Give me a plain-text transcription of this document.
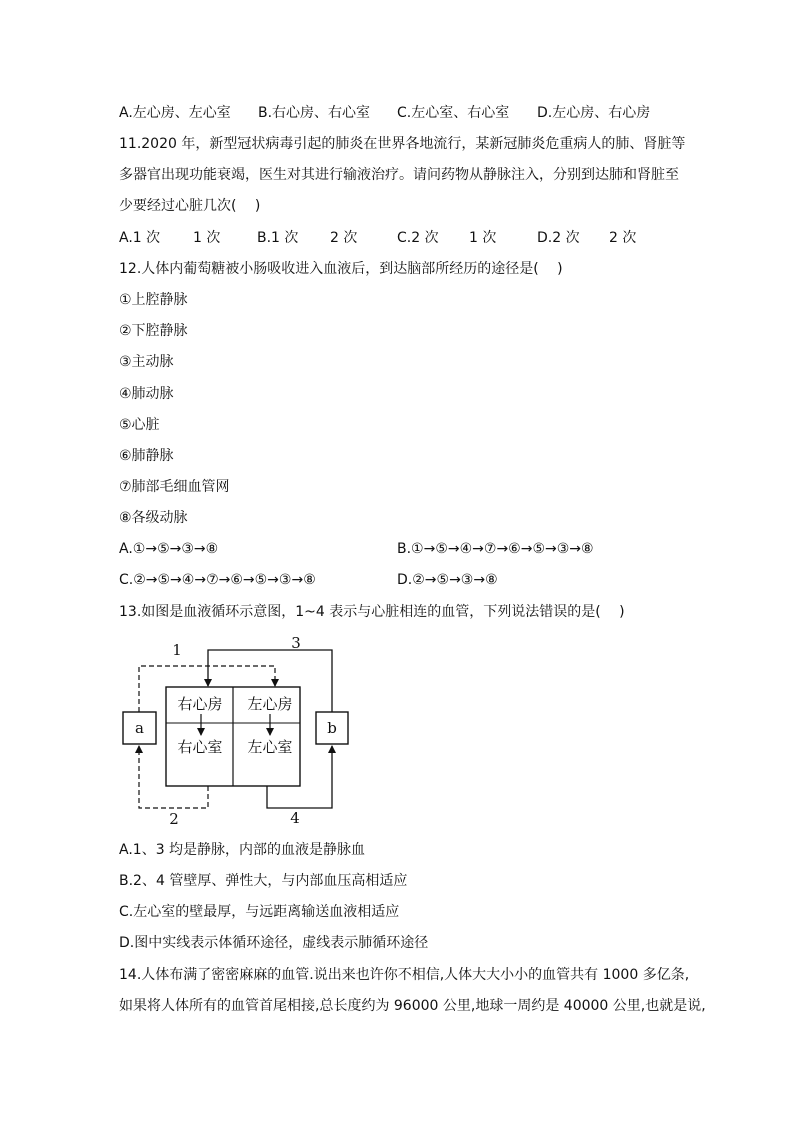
A.左心房、左心室 B.右心房、右心室 C.左心室、右心室 D.左心房、右心房
11.2020 年，新型冠状病毒引起的肺炎在世界各地流行，某新冠肺炎危重病人的肺、肾脏等
多器官出现功能衰竭，医生对其进行输液治疗。请问药物从静脉注入，分别到达肺和肾脏至
少要经过心脏几次(　 )
A.1 次 1 次	B.1 次 2 次	C.2 次 1 次	D.2 次 2 次
12.人体内葡萄糖被小肠吸收进入血液后，到达脑部所经历的途径是(　 )
①上腔静脉
②下腔静脉
③主动脉
④肺动脉
⑤心脏
⑥肺静脉
⑦肺部毛细血管网
⑧各级动脉
A.①→⑤→③→⑧	B.①→⑤→④→⑦→⑥→⑤→③→⑧
C.②→⑤→④→⑦→⑥→⑤→③→⑧	D.②→⑤→③→⑧
13.如图是血液循环示意图，1~4 表示与心脏相连的血管，下列说法错误的是(　 )
右心房 左心房
右心室 左心室
a	b
1
2
3
4
A.1、3 均是静脉，内部的血液是静脉血
B.2、4 管壁厚、弹性大，与内部血压高相适应
C.左心室的壁最厚，与远距离输送血液相适应
D.图中实线表示体循环途径，虚线表示肺循环途径
14.人体布满了密密麻麻的血管.说出来也许你不相信,人体大大小小的血管共有 1000 多亿条,
如果将人体所有的血管首尾相接,总长度约为 96000 公里,地球一周约是 40000 公里,也就是说,
